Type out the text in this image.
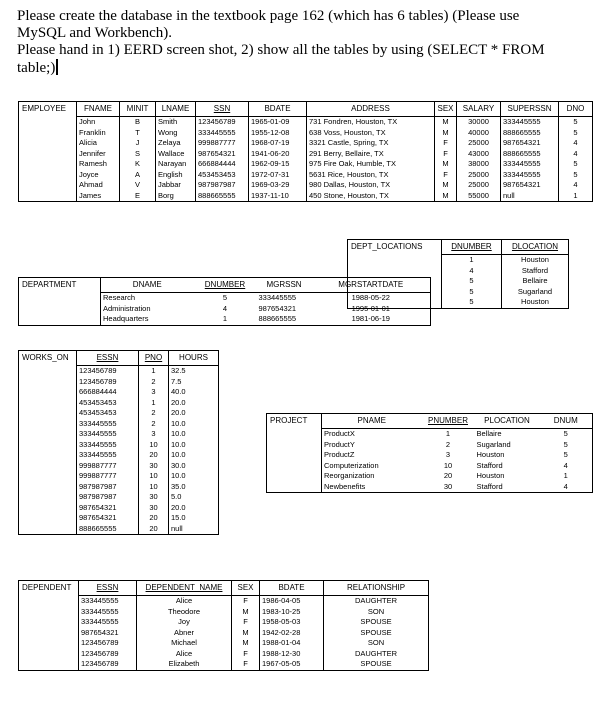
Please create the database in the textbook page 162 (which has 6 tables) (Please use

MySQL and Workbench).

Please hand in 1) EERD screen shot, 2) show all the tables by using (SELECT * FROM

table;)

EMPLOYEE	FNAME	MINIT	LNAME	SSN	BDATE	ADDRESS	SEX	SALARY	SUPERSSN	DNO
	John	B	Smith	123456789	1965-01-09	731 Fondren, Houston, TX	M	30000	333445555	5
	Franklin	T	Wong	333445555	1955-12-08	638 Voss, Houston, TX	M	40000	888665555	5
	Alicia	J	Zelaya	999887777	1968-07-19	3321 Castle, Spring, TX	F	25000	987654321	4
	Jennifer	S	Wallace	987654321	1941-06-20	291 Berry, Bellaire, TX	F	43000	888665555	4
	Ramesh	K	Narayan	666884444	1962-09-15	975 Fire Oak, Humble, TX	M	38000	333445555	5
	Joyce	A	English	453453453	1972-07-31	5631 Rice, Houston, TX	F	25000	333445555	5
	Ahmad	V	Jabbar	987987987	1969-03-29	980 Dallas, Houston, TX	M	25000	987654321	4
	James	E	Borg	888665555	1937-11-10	450 Stone, Houston, TX	M	55000	null	1
DEPT_LOCATIONS	DNUMBER	DLOCATION
	1	Houston
	4	Stafford
	5	Bellaire
	5	Sugarland
	5	Houston
DEPARTMENT	DNAME	DNUMBER	MGRSSN	MGRSTARTDATE
	Research	5	333445555	1988-05-22
	Administration	4	987654321	1995-01-01
	Headquarters	1	888665555	1981-06-19
WORKS_ON	ESSN	PNO	HOURS
	123456789	1	32.5
	123456789	2	7.5
	666884444	3	40.0
	453453453	1	20.0
	453453453	2	20.0
	333445555	2	10.0
	333445555	3	10.0
	333445555	10	10.0
	333445555	20	10.0
	999887777	30	30.0
	999887777	10	10.0
	987987987	10	35.0
	987987987	30	5.0
	987654321	30	20.0
	987654321	20	15.0
	888665555	20	null
PROJECT	PNAME	PNUMBER	PLOCATION	DNUM
	ProductX	1	Bellaire	5
	ProductY	2	Sugarland	5
	ProductZ	3	Houston	5
	Computerization	10	Stafford	4
	Reorganization	20	Houston	1
	Newbenefits	30	Stafford	4
DEPENDENT	ESSN	DEPENDENT_NAME	SEX	BDATE	RELATIONSHIP
	333445555	Alice	F	1986-04-05	DAUGHTER
	333445555	Theodore	M	1983-10-25	SON
	333445555	Joy	F	1958-05-03	SPOUSE
	987654321	Abner	M	1942-02-28	SPOUSE
	123456789	Michael	M	1988-01-04	SON
	123456789	Alice	F	1988-12-30	DAUGHTER
	123456789	Elizabeth	F	1967-05-05	SPOUSE
